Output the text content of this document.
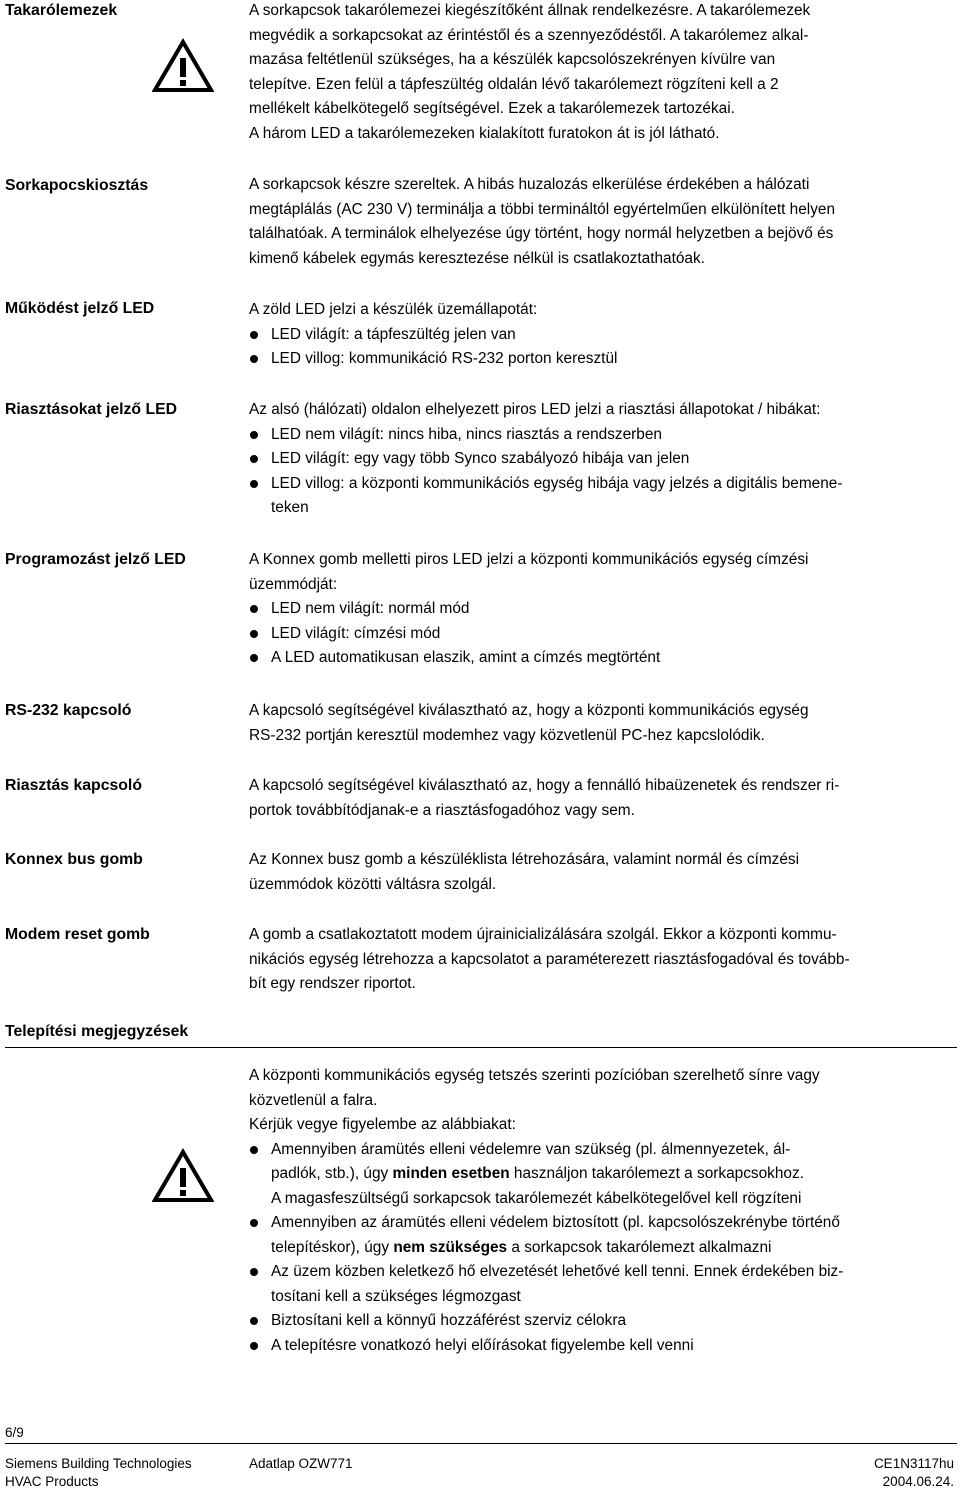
Takarólemezek	A sorkapcsok takarólemezei kiegészítőként állnak rendelkezésre. A takarólemezek
megvédik a sorkapcsokat az érintéstől és a szennyeződéstől. A takarólemez alkal-
mazása feltétlenül szükséges, ha a készülék kapcsolószekrényen kívülre van
telepítve. Ezen felül a tápfeszültég oldalán lévő takarólemezt rögzíteni kell a 2
mellékelt kábelkötegelő segítségével. Ezek a takarólemezek tartozékai.
A három LED a takarólemezeken kialakított furatokon át is jól látható.
Sorkapocskiosztás	A sorkapcsok készre szereltek. A hibás huzalozás elkerülése érdekében a hálózati
megtáplálás (AC 230 V) terminálja a többi termináltól egyértelműen elkülönített helyen
találhatóak. A terminálok elhelyezése úgy történt, hogy normál helyzetben a bejövő és
kimenő kábelek egymás keresztezése nélkül is csatlakoztathatóak.
Működést jelző LED	A zöld LED jelzi a készülék üzemállapotát:

LED világít: a tápfeszültég jelen van
LED villog: kommunikáció RS-232 porton keresztül
Riasztásokat jelző LED	Az alsó (hálózati) oldalon elhelyezett piros LED jelzi a riasztási állapotokat / hibákat:

LED nem világít: nincs hiba, nincs riasztás a rendszerben
LED világít: egy vagy több Synco szabályozó hibája van jelen
LED villog: a központi kommunikációs egység hibája vagy jelzés a digitális bemene-
teken
Programozást jelző LED	A Konnex gomb melletti piros LED jelzi a központi kommunikációs egység címzési
üzemmódját:
LED nem világít: normál mód
LED világít: címzési mód
A LED automatikusan elaszik, amint a címzés megtörtént
RS-232 kapcsoló	A kapcsoló segítségével kiválasztható az, hogy a központi kommunikációs egység
RS-232 portján keresztül modemhez vagy közvetlenül PC-hez kapcslolódik.
Riasztás kapcsoló	A kapcsoló segítségével kiválasztható az, hogy a fennálló hibaüzenetek és rendszer ri-
portok továbbítódjanak-e a riasztásfogadóhoz vagy sem.
Konnex bus gomb	Az Konnex busz gomb a készüléklista létrehozására, valamint normál és címzési
üzemmódok közötti váltásra szolgál.
Modem reset gomb	A gomb a csatlakoztatott modem újrainicializálására szolgál. Ekkor a központi kommu-
nikációs egység létrehozza a kapcsolatot a paraméterezett riasztásfogadóval és tovább-
bít egy rendszer riportot.
Telepítési megjegyzések
A központi kommunikációs egység tetszés szerinti pozícióban szerelhető sínre vagy
közvetlenül a falra.
Kérjük vegye figyelembe az alábbiakat:
Amennyiben áramütés elleni védelemre van szükség (pl. álmennyezetek, ál-
padlók, stb.), úgy minden esetben használjon takarólemezt a sorkapcsokhoz.
A magasfeszültségű sorkapcsok takarólemezét kábelkötegelővel kell rögzíteni
Amennyiben az áramütés elleni védelem biztosított (pl. kapcsolószekrénybe történő
telepítéskor), úgy nem szükséges a sorkapcsok takarólemezt alkalmazni
Az üzem közben keletkező hő elvezetését lehetővé kell tenni. Ennek érdekében biz-
tosítani kell a szükséges légmozgast
Biztosítani kell a könnyű hozzáférést szerviz célokra
A telepítésre vonatkozó helyi előírásokat figyelembe kell venni
6/9
Siemens Building Technologies
HVAC Products
Adatlap OZW771	CE1N3117hu
2004.06.24.
